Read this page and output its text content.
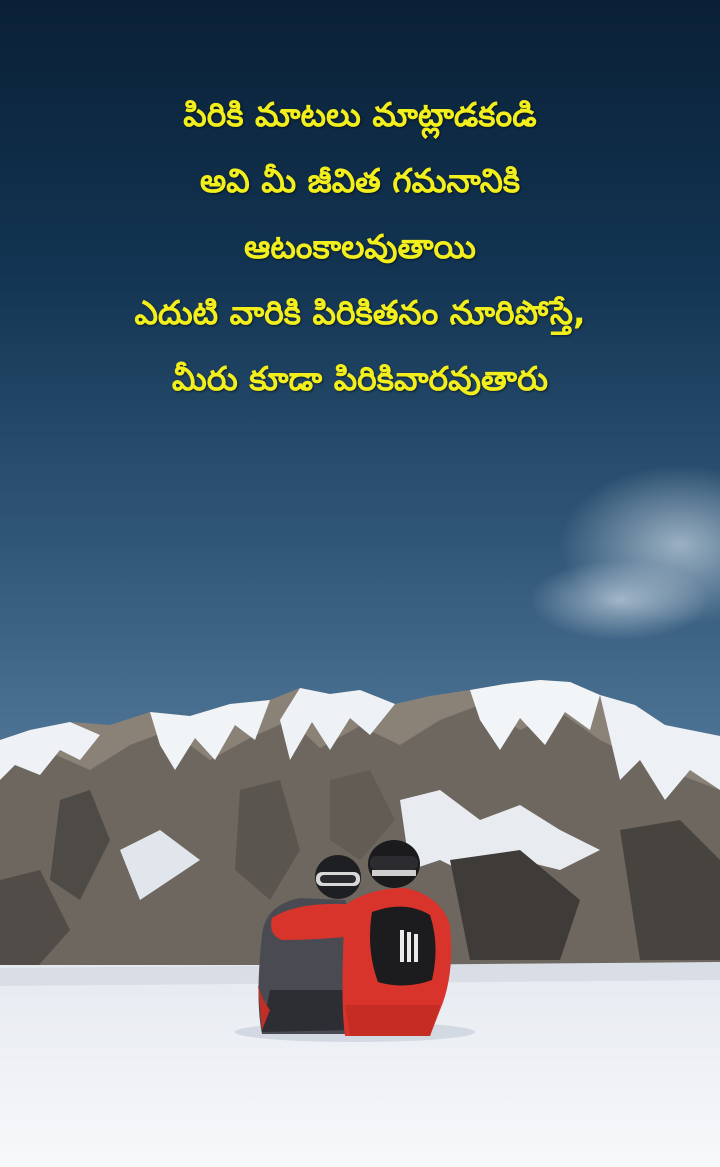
పిరికి మాటలు మాట్లాడకండి
అవి మీ జీవిత గమనానికి
ఆటంకాలవుతాయి
ఎదుటి వారికి పిరికితనం నూరిపోస్తే,
మీరు కూడా పిరికివారవుతారు
